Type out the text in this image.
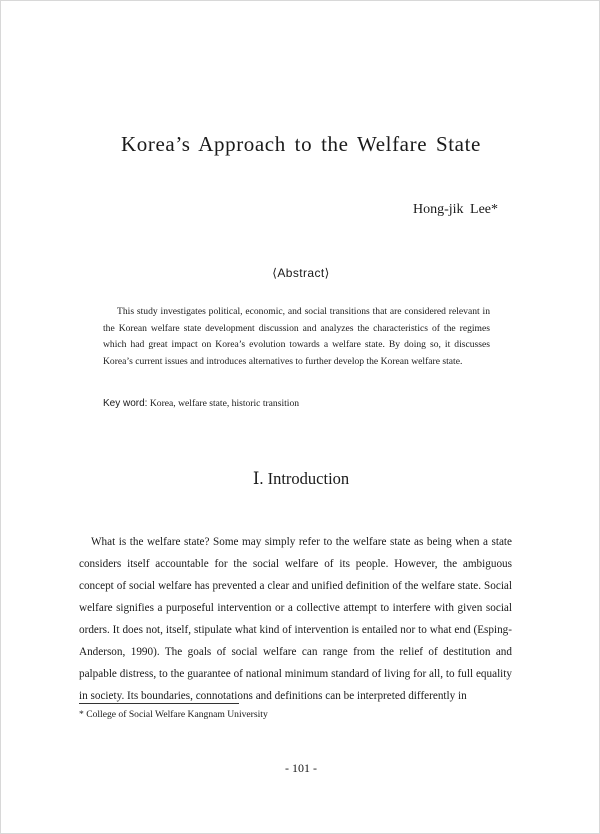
Korea’s Approach to the Welfare State
Hong-jik Lee*
⟨Abstract⟩
This study investigates political, economic, and social transitions that are considered relevant in the Korean welfare state development discussion and analyzes the characteristics of the regimes which had great impact on Korea’s evolution towards a welfare state. By doing so, it discusses Korea’s current issues and introduces alternatives to further develop the Korean welfare state.
Key word: Korea, welfare state, historic transition
Ⅰ. Introduction
What is the welfare state? Some may simply refer to the welfare state as being when a state considers itself accountable for the social welfare of its people. However, the ambiguous concept of social welfare has prevented a clear and unified definition of the welfare state. Social welfare signifies a purposeful intervention or a collective attempt to interfere with given social orders. It does not, itself, stipulate what kind of intervention is entailed nor to what end (Esping-Anderson, 1990). The goals of social welfare can range from the relief of destitution and palpable distress, to the guarantee of national minimum standard of living for all, to full equality in society. Its boundaries, connotations and definitions can be interpreted differently in
* College of Social Welfare Kangnam University
- 101 -
